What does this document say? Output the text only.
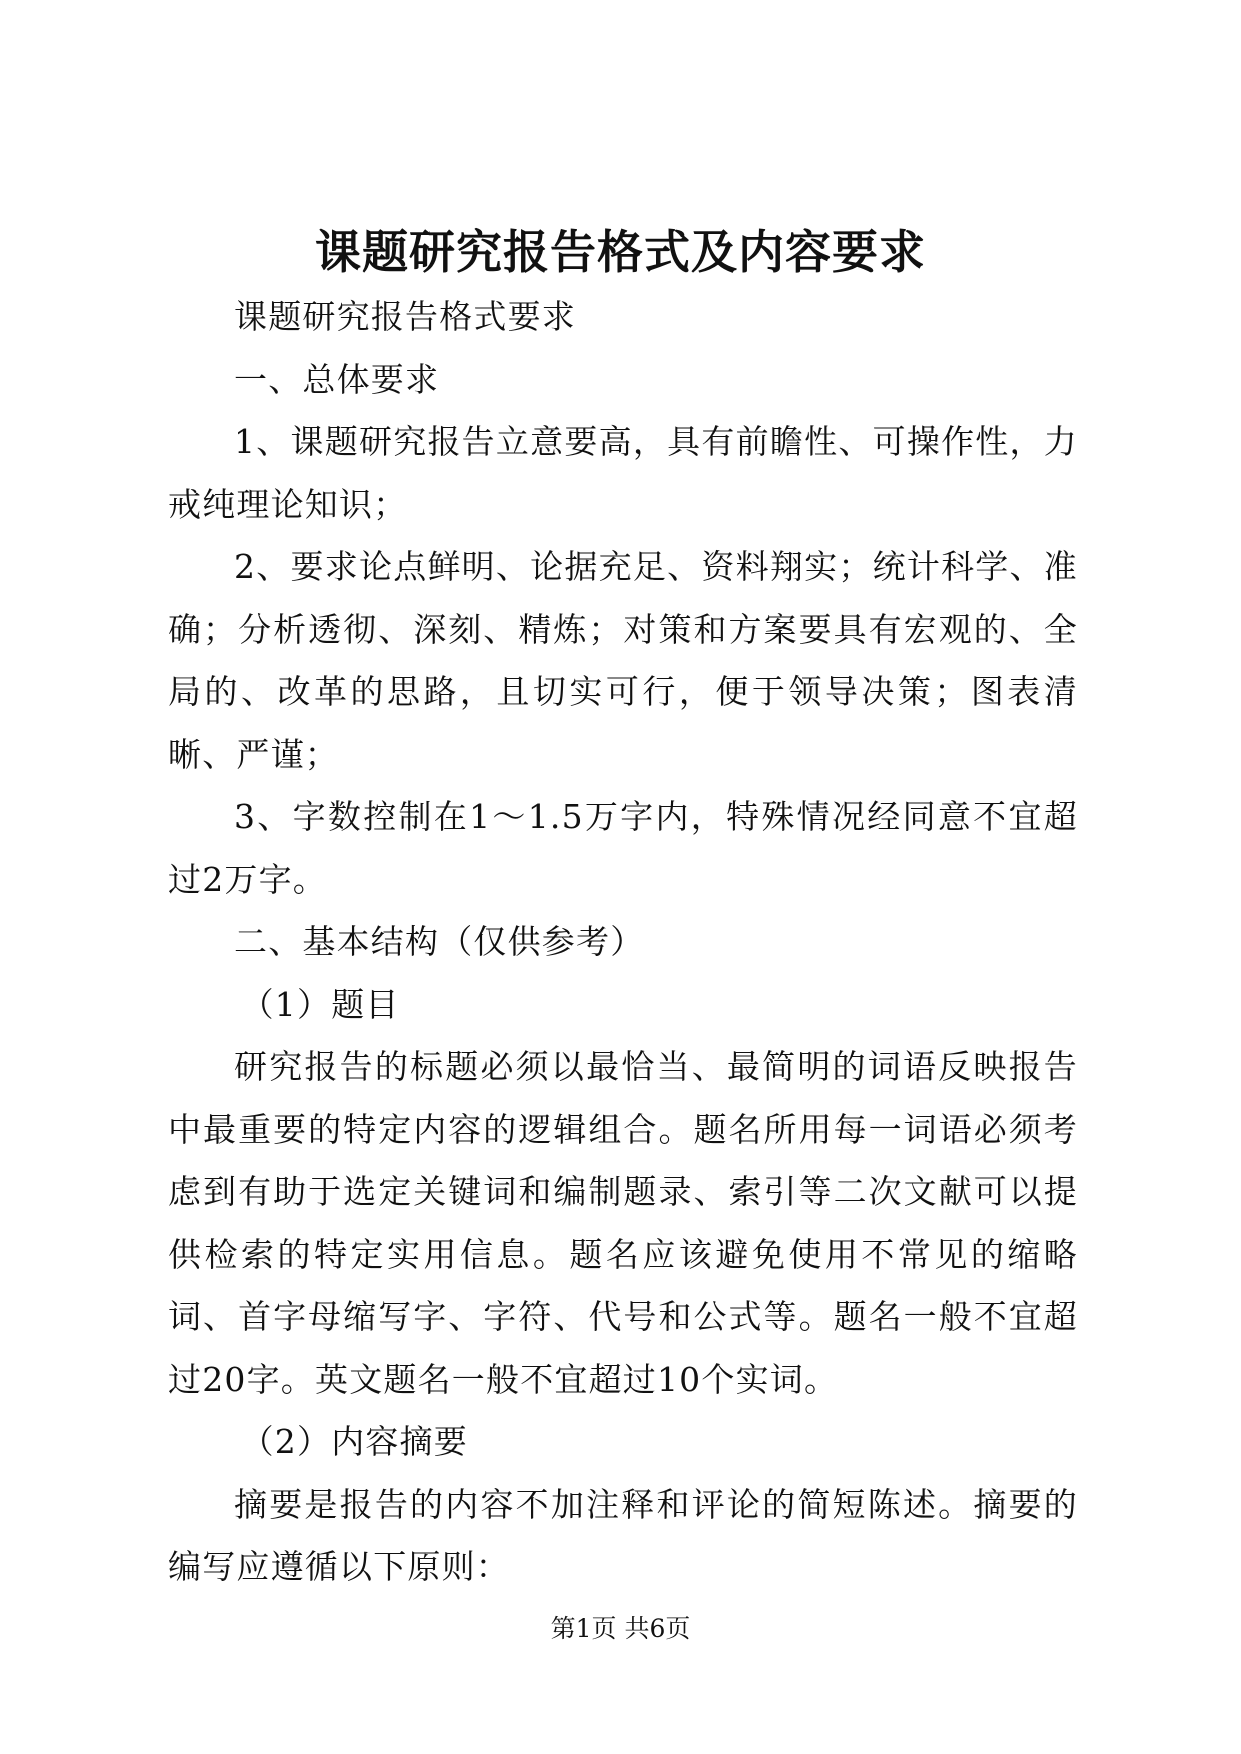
课题研究报告格式及内容要求

课题研究报告格式要求

一、总体要求

1、课题研究报告立意要高，具有前瞻性、可操作性，力戒纯理论知识；

2、要求论点鲜明、论据充足、资料翔实；统计科学、准确；分析透彻、深刻、精炼；对策和方案要具有宏观的、全局的、改革的思路，且切实可行，便于领导决策；图表清晰、严谨；

3、字数控制在1～1.5万字内，特殊情况经同意不宜超过2万字。

二、基本结构（仅供参考）

（1）题目

研究报告的标题必须以最恰当、最简明的词语反映报告中最重要的特定内容的逻辑组合。题名所用每一词语必须考虑到有助于选定关键词和编制题录、索引等二次文献可以提供检索的特定实用信息。题名应该避免使用不常见的缩略词、首字母缩写字、字符、代号和公式等。题名一般不宜超过20字。英文题名一般不宜超过10个实词。

（2）内容摘要

摘要是报告的内容不加注释和评论的简短陈述。摘要的编写应遵循以下原则：

第1页 共6页
